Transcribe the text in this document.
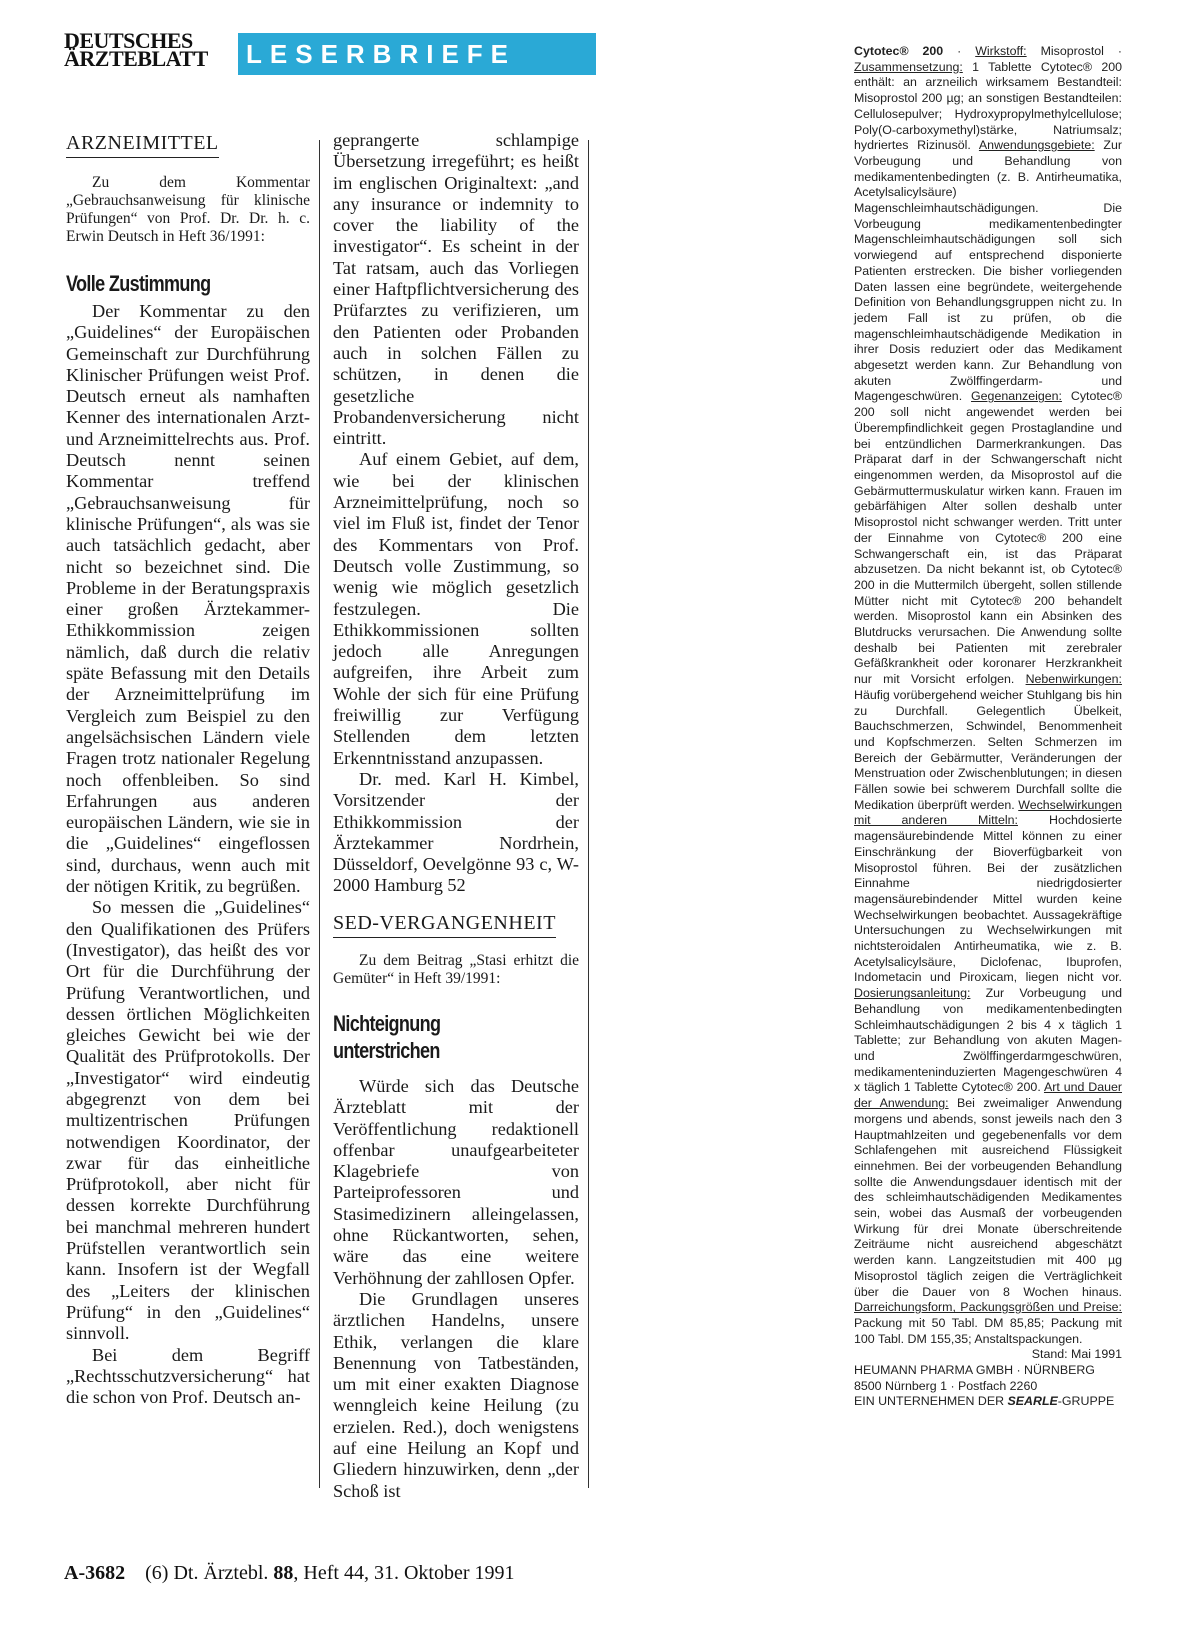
DEUTSCHES
ÄRZTEBLATT	LESERBRIEFE
ARZNEIMITTEL

Zu dem Kommentar „Gebrauchsanweisung für klinische Prüfungen“ von Prof. Dr. Dr. h. c. Erwin Deutsch in Heft 36/1991:

Volle Zustimmung

Der Kommentar zu den „Guidelines“ der Europäischen Gemeinschaft zur Durchführung Klinischer Prüfungen weist Prof. Deutsch erneut als namhaften Kenner des internationalen Arzt- und Arzneimittelrechts aus. Prof. Deutsch nennt seinen Kommentar treffend „Gebrauchsanweisung für klinische Prüfungen“, als was sie auch tatsächlich gedacht, aber nicht so bezeichnet sind. Die Probleme in der Beratungspraxis einer großen Ärztekammer-Ethikkommission zeigen nämlich, daß durch die relativ späte Befassung mit den Details der Arzneimittelprüfung im Vergleich zum Beispiel zu den angelsächsischen Ländern viele Fragen trotz nationaler Regelung noch offenbleiben. So sind Erfahrungen aus anderen europäischen Ländern, wie sie in die „Guidelines“ eingeflossen sind, durchaus, wenn auch mit der nötigen Kritik, zu begrüßen.

So messen die „Guidelines“ den Qualifikationen des Prüfers (Investigator), das heißt des vor Ort für die Durchführung der Prüfung Verantwortlichen, und dessen örtlichen Möglichkeiten gleiches Gewicht bei wie der Qualität des Prüfprotokolls. Der „Investigator“ wird eindeutig abgegrenzt von dem bei multizentrischen Prüfungen notwendigen Koordinator, der zwar für das einheitliche Prüfprotokoll, aber nicht für dessen korrekte Durchführung bei manchmal mehreren hundert Prüfstellen verantwortlich sein kann. Insofern ist der Wegfall des „Leiters der klinischen Prüfung“ in den „Guidelines“ sinnvoll.

Bei dem Begriff „Rechtsschutzversicherung“ hat die schon von Prof. Deutsch an-

geprangerte schlampige Übersetzung irregeführt; es heißt im englischen Originaltext: „and any insurance or indemnity to cover the liability of the investigator“. Es scheint in der Tat ratsam, auch das Vorliegen einer Haftpflichtversicherung des Prüfarztes zu verifizieren, um den Patienten oder Probanden auch in solchen Fällen zu schützen, in denen die gesetzliche Probandenversicherung nicht eintritt.

Auf einem Gebiet, auf dem, wie bei der klinischen Arzneimittelprüfung, noch so viel im Fluß ist, findet der Tenor des Kommentars von Prof. Deutsch volle Zustimmung, so wenig wie möglich gesetzlich festzulegen. Die Ethikkommissionen sollten jedoch alle Anregungen aufgreifen, ihre Arbeit zum Wohle der sich für eine Prüfung freiwillig zur Verfügung Stellenden dem letzten Erkenntnisstand anzupassen.

Dr. med. Karl H. Kimbel, Vorsitzender der Ethikkommission der Ärztekammer Nordrhein, Düsseldorf, Oevelgönne 93 c, W-2000 Hamburg 52

SED-VERGANGENHEIT

Zu dem Beitrag „Stasi erhitzt die Gemüter“ in Heft 39/1991:

Nichteignung
unterstrichen

Würde sich das Deutsche Ärzteblatt mit der Veröffentlichung redaktionell offenbar unaufgearbeiteter Klagebriefe von Parteiprofessoren und Stasimedizinern alleingelassen, ohne Rückantworten, sehen, wäre das eine weitere Verhöhnung der zahllosen Opfer.

Die Grundlagen unseres ärztlichen Handelns, unsere Ethik, verlangen die klare Benennung von Tatbeständen, um mit einer exakten Diagnose wenngleich keine Heilung (zu erzielen. Red.), doch wenigstens auf eine Heilung an Kopf und Gliedern hinzuwirken, denn „der Schoß ist

Cytotec® 200 · Wirkstoff: Misoprostol · Zusammensetzung: 1 Tablette Cytotec® 200 enthält: an arzneilich wirksamem Bestandteil: Misoprostol 200 µg; an sonstigen Bestandteilen: Cellulosepulver; Hydroxypropylmethylcellulose; Poly(O-carboxymethyl)stärke, Natriumsalz; hydriertes Rizinusöl. Anwendungsgebiete: Zur Vorbeugung und Behandlung von medikamentenbedingten (z. B. Antirheumatika, Acetylsalicylsäure) Magenschleimhautschädigungen. Die Vorbeugung medikamentenbedingter Magenschleimhautschädigungen soll sich vorwiegend auf entsprechend disponierte Patienten erstrecken. Die bisher vorliegenden Daten lassen eine begründete, weitergehende Definition von Behandlungsgruppen nicht zu. In jedem Fall ist zu prüfen, ob die magenschleimhautschädigende Medikation in ihrer Dosis reduziert oder das Medikament abgesetzt werden kann. Zur Behandlung von akuten Zwölffingerdarm- und Magengeschwüren. Gegenanzeigen: Cytotec® 200 soll nicht angewendet werden bei Überempfindlichkeit gegen Prostaglandine und bei entzündlichen Darmerkrankungen. Das Präparat darf in der Schwangerschaft nicht eingenommen werden, da Misoprostol auf die Gebärmuttermuskulatur wirken kann. Frauen im gebärfähigen Alter sollen deshalb unter Misoprostol nicht schwanger werden. Tritt unter der Einnahme von Cytotec® 200 eine Schwangerschaft ein, ist das Präparat abzusetzen. Da nicht bekannt ist, ob Cytotec® 200 in die Muttermilch übergeht, sollen stillende Mütter nicht mit Cytotec® 200 behandelt werden. Misoprostol kann ein Absinken des Blutdrucks verursachen. Die Anwendung sollte deshalb bei Patienten mit zerebraler Gefäßkrankheit oder koronarer Herzkrankheit nur mit Vorsicht erfolgen. Nebenwirkungen: Häufig vorübergehend weicher Stuhlgang bis hin zu Durchfall. Gelegentlich Übelkeit, Bauchschmerzen, Schwindel, Benommenheit und Kopfschmerzen. Selten Schmerzen im Bereich der Gebärmutter, Veränderungen der Menstruation oder Zwischenblutungen; in diesen Fällen sowie bei schwerem Durchfall sollte die Medikation überprüft werden. Wechselwirkungen mit anderen Mitteln: Hochdosierte magensäurebindende Mittel können zu einer Einschränkung der Bioverfügbarkeit von Misoprostol führen. Bei der zusätzlichen Einnahme niedrigdosierter magensäurebindender Mittel wurden keine Wechselwirkungen beobachtet. Aussagekräftige Untersuchungen zu Wechselwirkungen mit nichtsteroidalen Antirheumatika, wie z. B. Acetylsalicylsäure, Diclofenac, Ibuprofen, Indometacin und Piroxicam, liegen nicht vor. Dosierungsanleitung: Zur Vorbeugung und Behandlung von medikamentenbedingten Schleimhautschädigungen 2 bis 4 x täglich 1 Tablette; zur Behandlung von akuten Magen- und Zwölffingerdarmgeschwüren, medikamenteninduzierten Magengeschwüren 4 x täglich 1 Tablette Cytotec® 200. Art und Dauer der Anwendung: Bei zweimaliger Anwendung morgens und abends, sonst jeweils nach den 3 Hauptmahlzeiten und gegebenenfalls vor dem Schlafengehen mit ausreichend Flüssigkeit einnehmen. Bei der vorbeugenden Behandlung sollte die Anwendungsdauer identisch mit der des schleimhautschädigenden Medikamentes sein, wobei das Ausmaß der vorbeugenden Wirkung für drei Monate überschreitende Zeiträume nicht ausreichend abgeschätzt werden kann. Langzeitstudien mit 400 µg Misoprostol täglich zeigen die Verträglichkeit über die Dauer von 8 Wochen hinaus. Darreichungsform, Packungsgrößen und Preise: Packung mit 50 Tabl. DM 85,85; Packung mit 100 Tabl. DM 155,35; Anstaltspackungen.
Stand: Mai 1991
HEUMANN PHARMA GMBH · NÜRNBERG
8500 Nürnberg 1 · Postfach 2260
EIN UNTERNEHMEN DER SEARLE-GRUPPE
A-3682 (6) Dt. Ärztebl. 88, Heft 44, 31. Oktober 1991
